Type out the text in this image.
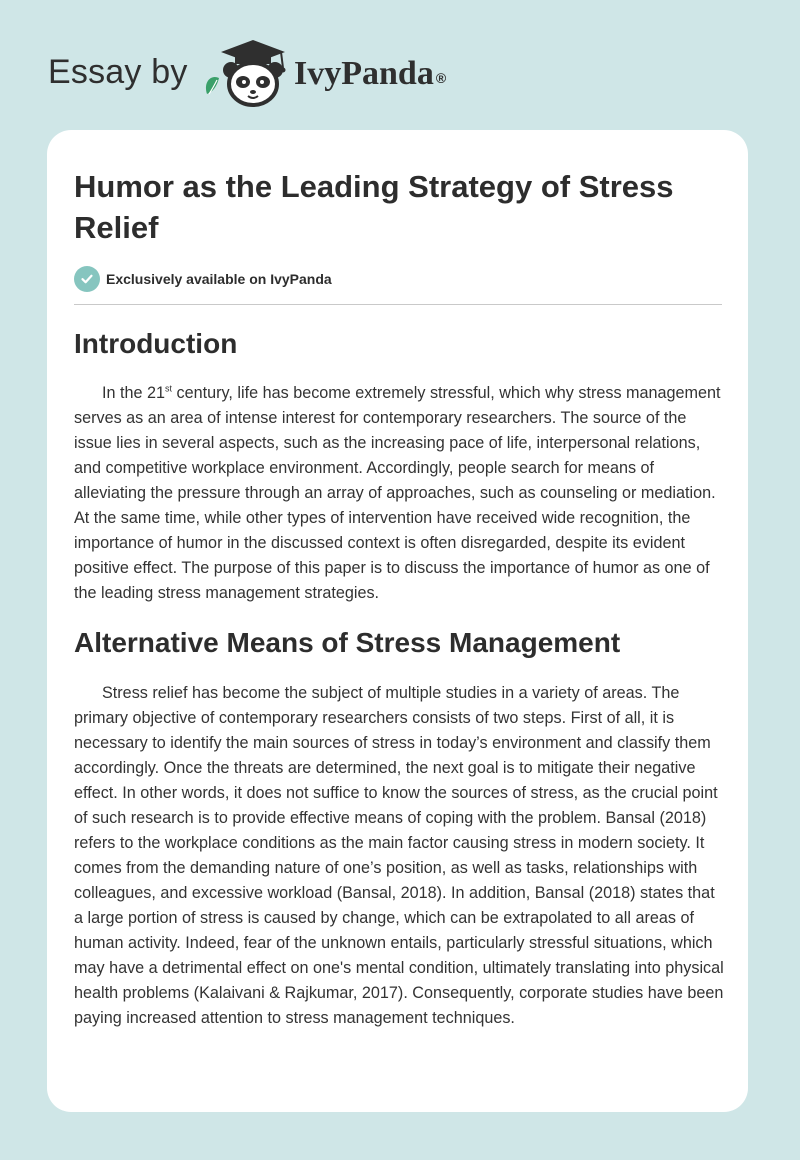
Essay by	IvyPanda ®
Humor as the Leading Strategy of Stress Relief
Exclusively available on IvyPanda
Introduction

In the 21st century, life has become extremely stressful, which why stress management serves as an area of intense interest for contemporary researchers. The source of the issue lies in several aspects, such as the increasing pace of life, interpersonal relations, and competitive workplace environment. Accordingly, people search for means of alleviating the pressure through an array of approaches, such as counseling or mediation. At the same time, while other types of intervention have received wide recognition, the importance of humor in the discussed context is often disregarded, despite its evident positive effect. The purpose of this paper is to discuss the importance of humor as one of the leading stress management strategies.

Alternative Means of Stress Management

Stress relief has become the subject of multiple studies in a variety of areas. The primary objective of contemporary researchers consists of two steps. First of all, it is necessary to identify the main sources of stress in today’s environment and classify them accordingly. Once the threats are determined, the next goal is to mitigate their negative effect. In other words, it does not suffice to know the sources of stress, as the crucial point of such research is to provide effective means of coping with the problem. Bansal (2018) refers to the workplace conditions as the main factor causing stress in modern society. It comes from the demanding nature of one’s position, as well as tasks, relationships with colleagues, and excessive workload (Bansal, 2018). In addition, Bansal (2018) states that a large portion of stress is caused by change, which can be extrapolated to all areas of human activity. Indeed, fear of the unknown entails, particularly stressful situations, which may have a detrimental effect on one's mental condition, ultimately translating into physical health problems (Kalaivani & Rajkumar, 2017). Consequently, corporate studies have been paying increased attention to stress management techniques.
